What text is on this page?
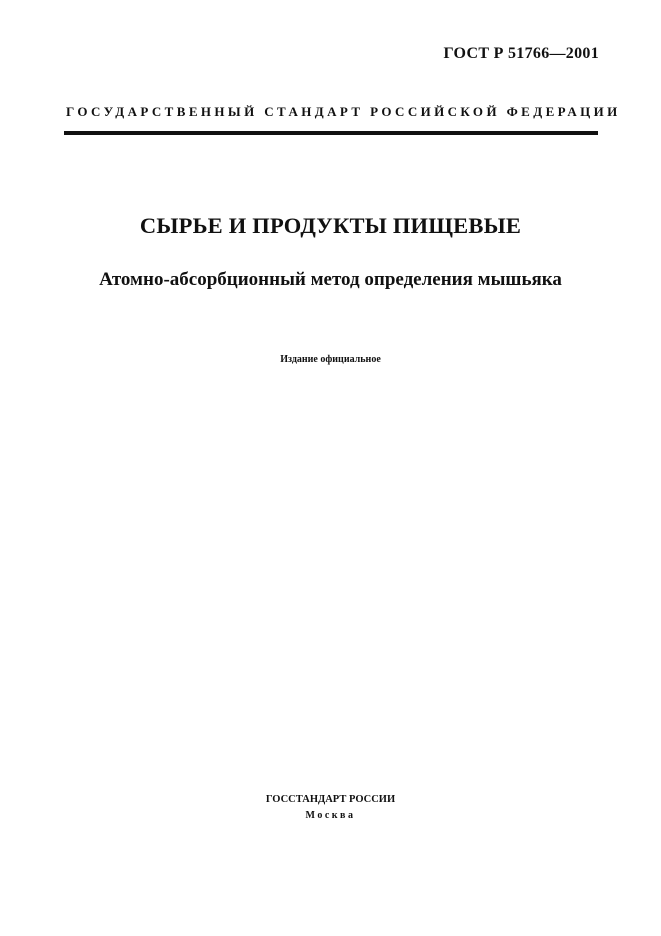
ГОСТ Р 51766—2001
ГОСУДАРСТВЕННЫЙ СТАНДАРТ РОССИЙСКОЙ ФЕДЕРАЦИИ
СЫРЬЕ И ПРОДУКТЫ ПИЩЕВЫЕ
Атомно-абсорбционный метод определения мышьяка
Издание официальное
ГОССТАНДАРТ РОССИИ
Москва
